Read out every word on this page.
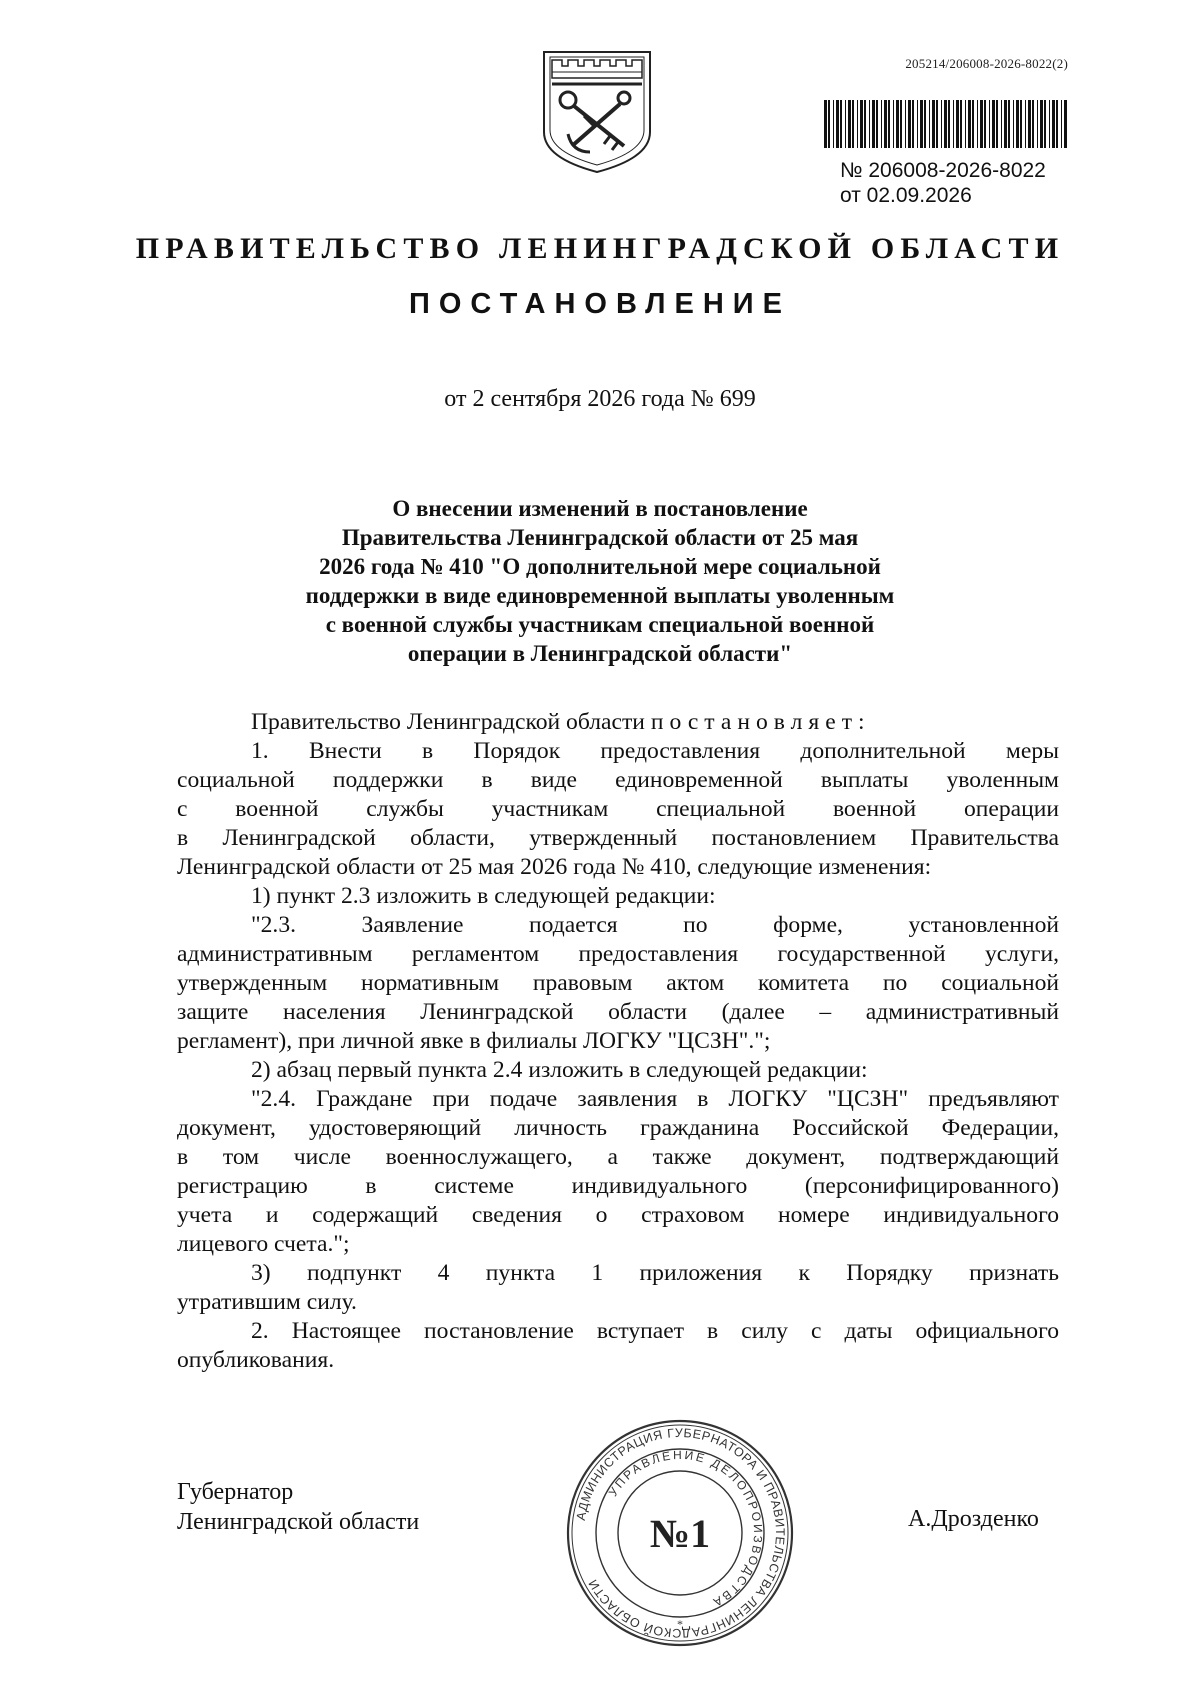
205214/206008-2026-8022(2)
№ 206008-2026-8022
от 02.09.2026
ПРАВИТЕЛЬСТВО ЛЕНИНГРАДСКОЙ ОБЛАСТИ
ПОСТАНОВЛЕНИЕ
от 2 сентября 2026 года № 699
О внесении изменений в постановление
Правительства Ленинградской области от 25 мая
2026 года № 410 "О дополнительной мере социальной
поддержки в виде единовременной выплаты уволенным
с военной службы участникам специальной военной
операции в Ленинградской области"
Правительство Ленинградской области постановляет:
1. Внести в Порядок предоставления дополнительной меры
социальной поддержки в виде единовременной выплаты уволенным
с военной службы участникам специальной военной операции
в Ленинградской области, утвержденный постановлением Правительства
Ленинградской области от 25 мая 2026 года № 410, следующие изменения:
1) пункт 2.3 изложить в следующей редакции:
"2.3. Заявление подается по форме, установленной
административным регламентом предоставления государственной услуги,
утвержденным нормативным правовым актом комитета по социальной
защите населения Ленинградской области (далее – административный
регламент), при личной явке в филиалы ЛОГКУ "ЦСЗН".";
2) абзац первый пункта 2.4 изложить в следующей редакции:
"2.4. Граждане при подаче заявления в ЛОГКУ "ЦСЗН" предъявляют
документ, удостоверяющий личность гражданина Российской Федерации,
в том числе военнослужащего, а также документ, подтверждающий
регистрацию в системе индивидуального (персонифицированного)
учета и содержащий сведения о страховом номере индивидуального
лицевого счета.";
3) подпункт 4 пункта 1 приложения к Порядку признать
утратившим силу.
2. Настоящее постановление вступает в силу с даты официального
опубликования.
Губернатор
Ленинградской области	А.Дрозденко
АДМИНИСТРАЦИЯ ГУБЕРНАТОРА И ПРАВИТЕЛЬСТВА ЛЕНИНГРАДСКОЙ ОБЛАСТИ
УПРАВЛЕНИЕ ДЕЛОПРОИЗВОДСТВА
№1
*
